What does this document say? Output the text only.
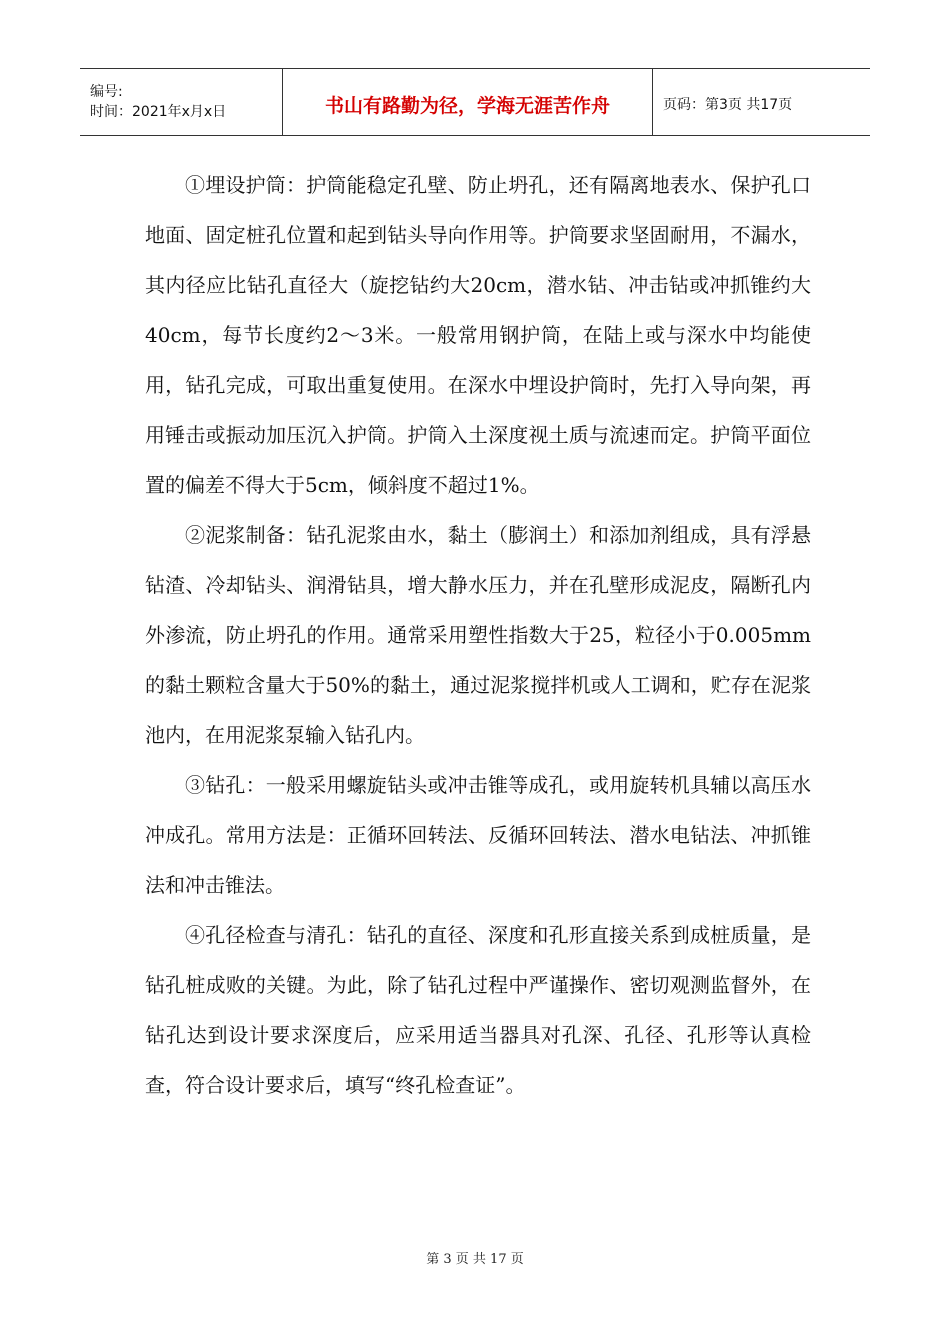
编号:
时间：2021年x月x日	书山有路勤为径，学海无涯苦作舟	页码：第3页 共17页

①埋设护筒：护筒能稳定孔壁、防止坍孔，还有隔离地表水、保护孔口地面、固定桩孔位置和起到钻头导向作用等。护筒要求坚固耐用，不漏水，其内径应比钻孔直径大（旋挖钻约大20cm，潜水钻、冲击钻或冲抓锥约大40cm，每节长度约2～3米。一般常用钢护筒，在陆上或与深水中均能使用，钻孔完成，可取出重复使用。在深水中埋设护筒时，先打入导向架，再用锤击或振动加压沉入护筒。护筒入土深度视土质与流速而定。护筒平面位置的偏差不得大于5cm，倾斜度不超过1%。

②泥浆制备：钻孔泥浆由水，黏土（膨润土）和添加剂组成，具有浮悬钻渣、冷却钻头、润滑钻具，增大静水压力，并在孔壁形成泥皮，隔断孔内外渗流，防止坍孔的作用。通常采用塑性指数大于25，粒径小于0.005mm的黏土颗粒含量大于50%的黏土，通过泥浆搅拌机或人工调和，贮存在泥浆池内，在用泥浆泵输入钻孔内。

③钻孔：一般采用螺旋钻头或冲击锥等成孔，或用旋转机具辅以高压水冲成孔。常用方法是：正循环回转法、反循环回转法、潜水电钻法、冲抓锥法和冲击锥法。

④孔径检查与清孔：钻孔的直径、深度和孔形直接关系到成桩质量，是钻孔桩成败的关键。为此，除了钻孔过程中严谨操作、密切观测监督外，在钻孔达到设计要求深度后，应采用适当器具对孔深、孔径、孔形等认真检查，符合设计要求后，填写“终孔检查证”。

第 3 页 共 17 页
